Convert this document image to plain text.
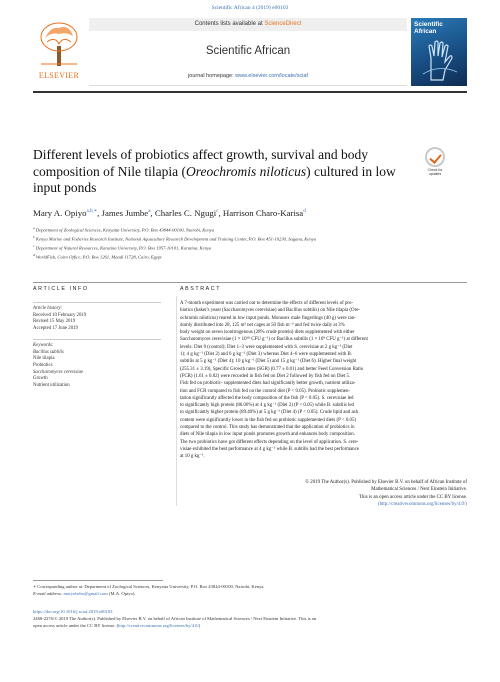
Scientific African 4 (2019) e00103
ELSEVIER
Contents lists available at ScienceDirect
Scientific African
journal homepage: www.elsevier.com/locate/sciaf
Scientific African
Different levels of probiotics affect growth, survival and body composition of Nile tilapia (Oreochromis niloticus) cultured in low input ponds
Check for
updates
Mary A. Opiyo$^{a,b,∗}$, James Jumbe$^a$, Charles C. Ngugi$^c$, Harrison Charo-Karisa$^d$
$^a$ Department of Zoological Sciences, Kenyatta University, P.O. Box 43844-00100, Nairobi, Kenya
$^b$ Kenya Marine and Fisheries Research Institute, National Aquaculture Research Development and Training Center, P.O. Box 451-10230, Sagana, Kenya
$^c$ Department of Natural Resources, Karatina University, P.O. Box 1957-10101, Karatina, Kenya
$^d$ WorldFish, Cairo Office, P.O. Box 1261, Maadi 11728, Cairo, Egypt
ARTICLE INFO	ABSTRACT
Article history:
Received 10 February 2019
Revised 15 May 2019
Accepted 17 June 2019
Keywords:
Bacillus subtilis
Nile tilapia
Probiotics
Saccharomyces cerevisiae
Growth
Nutrient utilization
A 7-month experiment was carried out to determine the effects of different levels of pro-
biotics (baker's yeast (Saccharomyces cerevisiae) and Bacillus subtilis) on Nile tilapia (Ore-
ochromis niloticus) reared in low input ponds. Monosex male fingerlings (40 g) were ran-
domly distributed into 28, 125 m² net cages at 50 fish m⁻³ and fed twice daily at 3%
body weight on seven isonitrogenous (28% crude protein) diets supplemented with either
Saccharomyces cerevisiae (1 × 10¹⁰ CFU g⁻¹) or Bacillus subtilis (1 × 10⁹ CFU g⁻¹) at different
levels: Diet 0 (control); Diet 1–3 were supplemented with S. cerevisiae at 2 g kg⁻¹ (Diet
1); 4 g kg⁻¹ (Diet 2) and 6 g kg⁻¹ (Diet 3) whereas Diet 4–6 were supplemented with B.
subtilis at 5 g kg⁻¹ (Diet 4); 10 g kg⁻¹ (Diet 5) and 15 g kg⁻¹ (Diet 6). Higher final weight
(255.31 ± 3.19), Specific Growth rates (SGR) (0.77 ± 0.01) and better Feed Conversion Ratio
(FCR) (1.61 ± 0.02) were recorded in fish fed on Diet 2 followed by fish fed on Diet 5.
Fish fed on probiotic- supplemented diets had significantly better growth, nutrient utiliza-
tion and FCR compared to fish fed on the control diet (P < 0.05). Probiotic supplemen-
tation significantly affected the body composition of the fish (P < 0.05). S. cerevisiae led
to significantly high protein (86.06%) at 4 g kg⁻¹ (Diet 2) (P < 0.05) while B. subtilis led
to significantly higher protein (89.40%) at 5 g kg⁻¹ (Diet 4) (P < 0.05). Crude lipid and ash
content were significantly lower in the fish fed on probiotic supplemented diets (P < 0.05)
compared to the control. This study has demonstrated that the application of probiotics in
diets of Nile tilapia in low input ponds promotes growth and enhances body composition.
The two probiotics have got different effects depending on the level of application. S. cere-
visiae exhibited the best performance at 4 g kg⁻¹ while B. subtilis had the best performance
at 10 g kg⁻¹.
© 2019 The Author(s). Published by Elsevier B.V. on behalf of African Institute of
Mathematical Sciences / Next Einstein Initiative.
This is an open access article under the CC BY license.
(http://creativecommons.org/licenses/by/4.0/)
∗ Corresponding author at: Department of Zoological Sciences, Kenyatta University, P.O. Box 43844-00100, Nairobi, Kenya.
E-mail address: maryobebo@gmail.com (M.A. Opiyo).
https://doi.org/10.1016/j.sciaf.2019.e00103
2468-2276/© 2019 The Author(s). Published by Elsevier B.V. on behalf of African Institute of Mathematical Sciences / Next Einstein Initiative. This is an
open access article under the CC BY license. (http://creativecommons.org/licenses/by/4.0/)
